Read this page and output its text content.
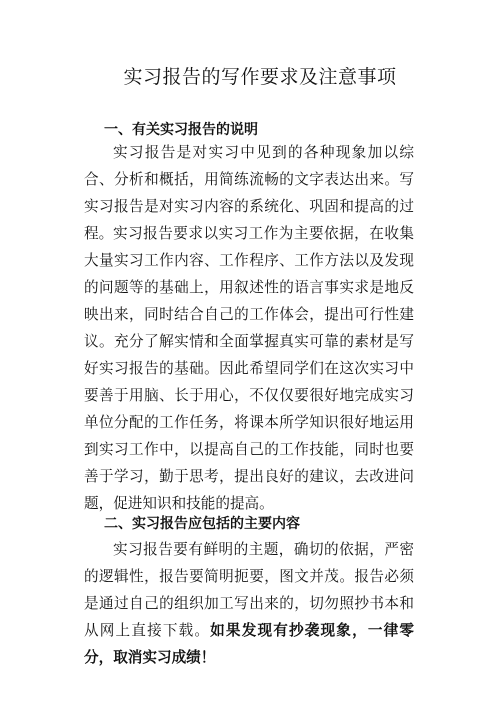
实习报告的写作要求及注意事项
一、有关实习报告的说明
实习报告是对实习中见到的各种现象加以综合、分析和概括，用简练流畅的文字表达出来。写实习报告是对实习内容的系统化、巩固和提高的过程。 实习报告要求以实习工作为主要依据，在收集大量实习工作内容、工作程序、工作方法以及发现的问题等的基础上，用叙述性的语言事实求是地反映出来，同时结合自己的工作体会，提出可行性建议。充分了解实情和全面掌握真实可靠的素材是写好实习报告的基础。因此希望同学们在这次实习中要善于用脑、长于用心，不仅仅要很好地完成实习单位分配的工作任务，将课本所学知识很好地运用到实习工作中，以提高自己的工作技能，同时也要善于学习，勤于思考，提出良好的建议，去改进问题，促进知识和技能的提高。
二、实习报告应包括的主要内容
实习报告要有鲜明的主题，确切的依据，严密的逻辑性，报告要简明扼要，图文并茂。报告必须是通过自己的组织加工写出来的，切勿照抄书本和从网上直接下载。如果发现有抄袭现象，一律零分，取消实习成绩！
